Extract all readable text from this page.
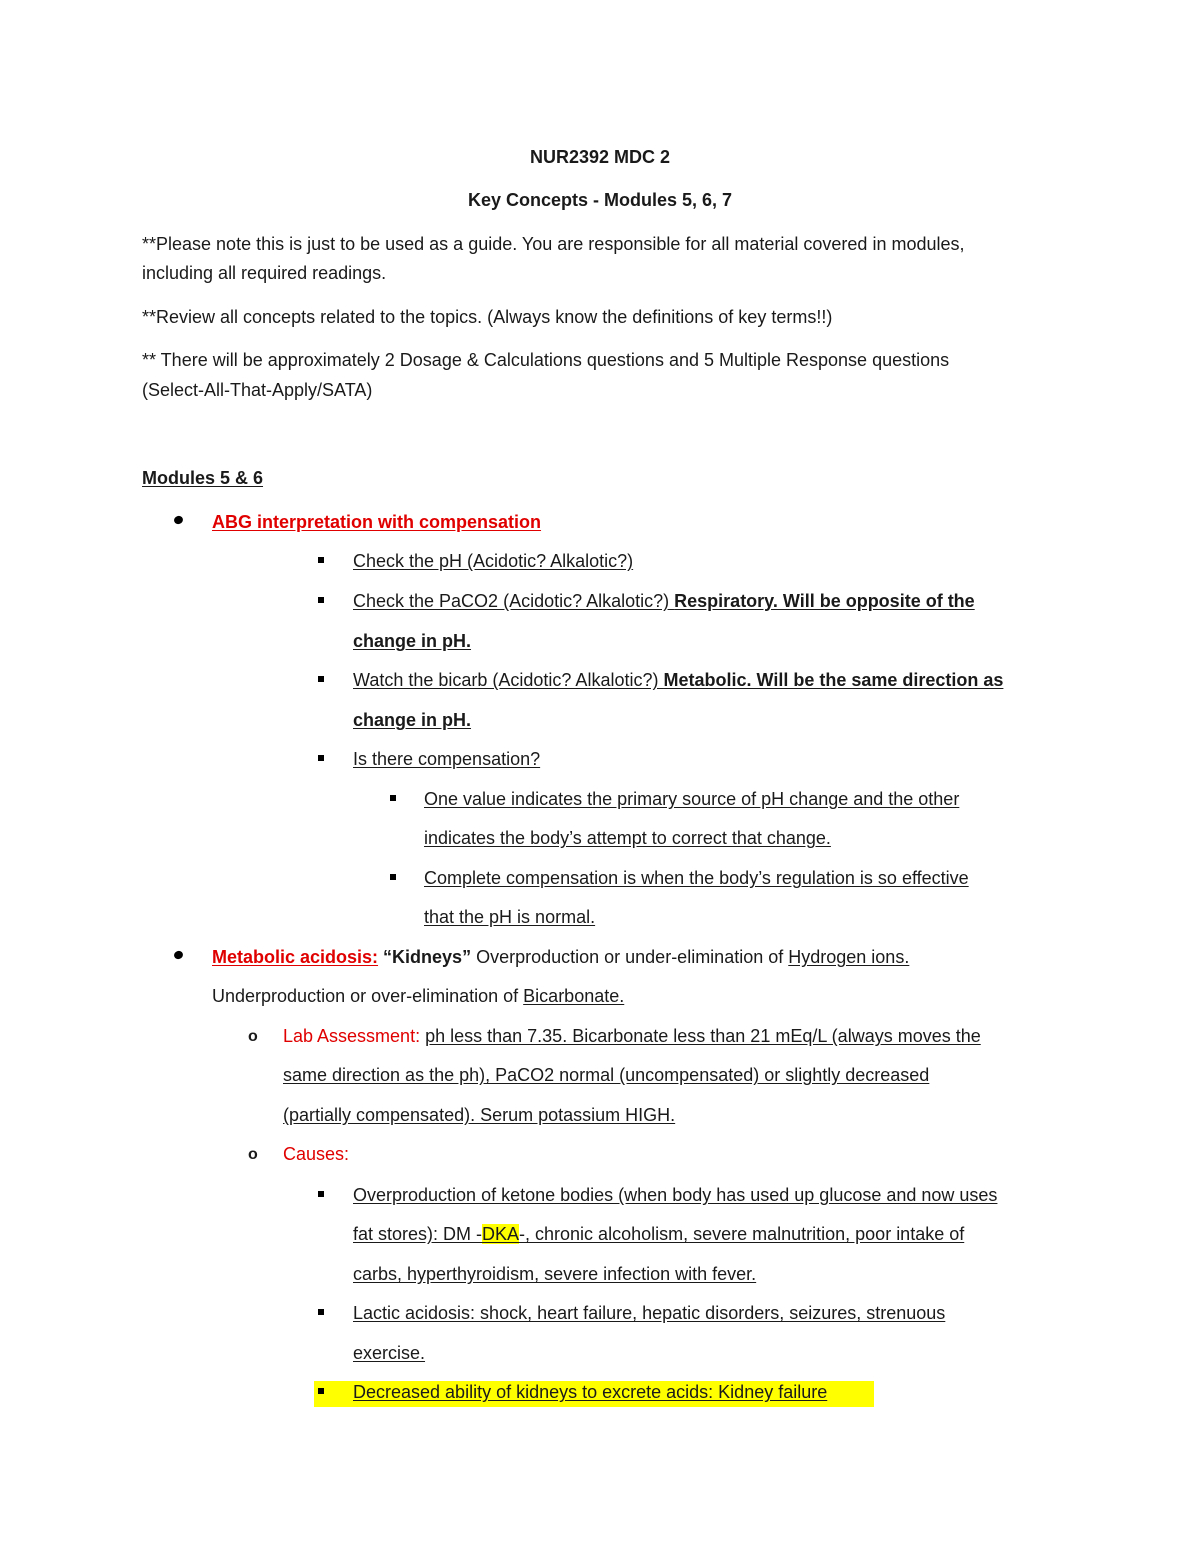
NUR2392 MDC 2
Key Concepts - Modules 5, 6, 7
**Please note this is just to be used as a guide. You are responsible for all material covered in modules,
including all required readings.
**Review all concepts related to the topics. (Always know the definitions of key terms!!)
** There will be approximately 2 Dosage & Calculations questions and 5 Multiple Response questions
(Select-All-That-Apply/SATA)
Modules 5 & 6
ABG interpretation with compensation
Check the pH (Acidotic? Alkalotic?)
Check the PaCO2 (Acidotic? Alkalotic?) Respiratory. Will be opposite of the
change in pH.
Watch the bicarb (Acidotic? Alkalotic?) Metabolic. Will be the same direction as
change in pH.
Is there compensation?
One value indicates the primary source of pH change and the other
indicates the body’s attempt to correct that change.
Complete compensation is when the body’s regulation is so effective
that the pH is normal.
Metabolic acidosis: “Kidneys” Overproduction or under-elimination of Hydrogen ions.
Underproduction or over-elimination of Bicarbonate.
o Lab Assessment: ph less than 7.35. Bicarbonate less than 21 mEq/L (always moves the
same direction as the ph), PaCO2 normal (uncompensated) or slightly decreased
(partially compensated). Serum potassium HIGH.
o Causes:
Overproduction of ketone bodies (when body has used up glucose and now uses
fat stores): DM -DKA-, chronic alcoholism, severe malnutrition, poor intake of
carbs, hyperthyroidism, severe infection with fever.
Lactic acidosis: shock, heart failure, hepatic disorders, seizures, strenuous
exercise.
Decreased ability of kidneys to excrete acids: Kidney failure
